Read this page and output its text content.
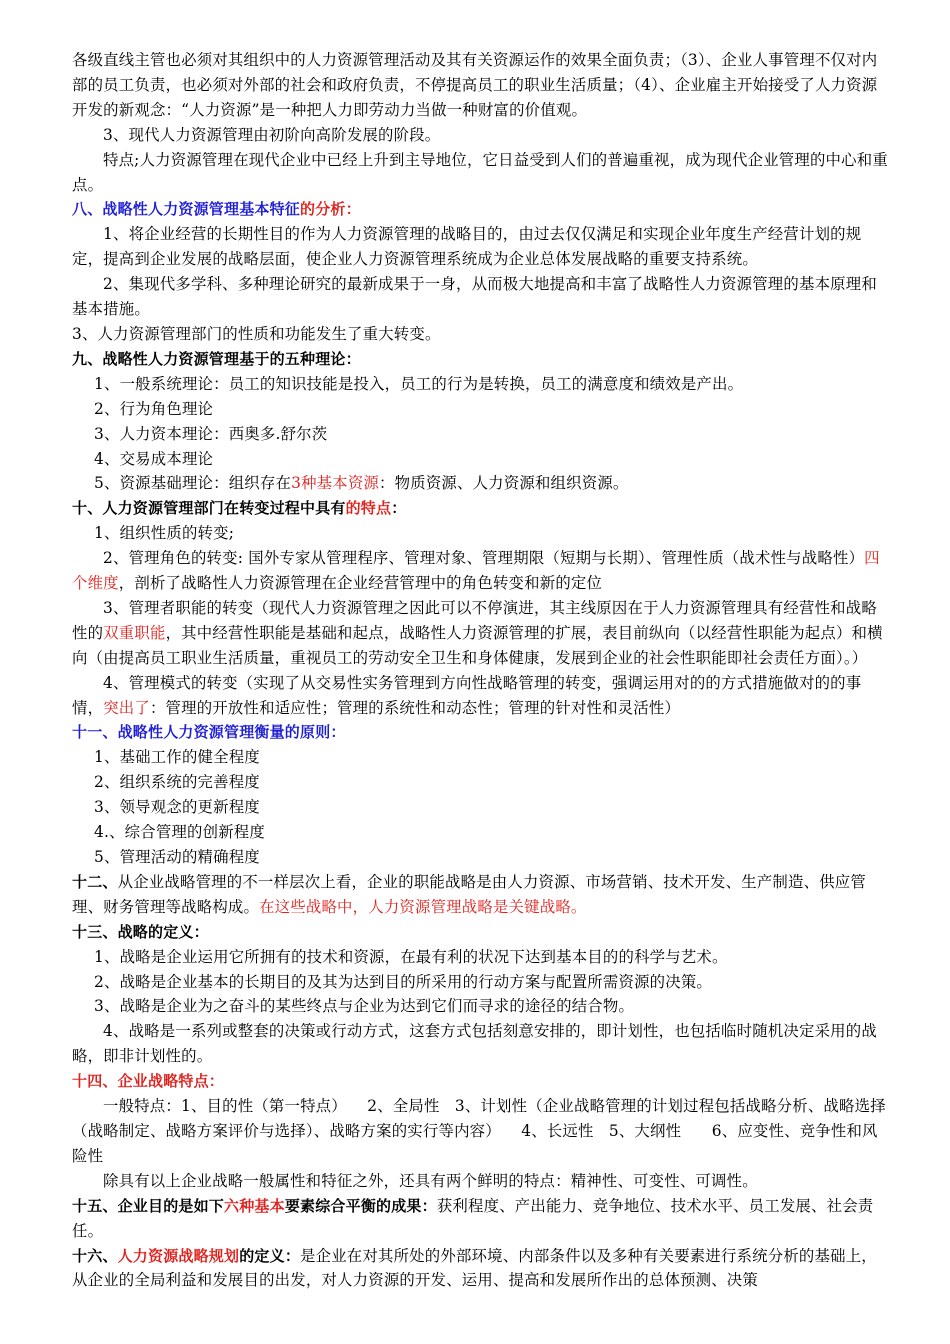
各级直线主管也必须对其组织中的人力资源管理活动及其有关资源运作的效果全面负责；（3）、企业人事管理不仅对内部的员工负责，也必须对外部的社会和政府负责，不停提高员工的职业生活质量；（4）、企业雇主开始接受了人力资源开发的新观念：“人力资源”是一种把人力即劳动力当做一种财富的价值观。

3、现代人力资源管理由初阶向高阶发展的阶段。

特点;人力资源管理在现代企业中已经上升到主导地位，它日益受到人们的普遍重视，成为现代企业管理的中心和重点。

八、战略性人力资源管理基本特征的分析：

1、将企业经营的长期性目的作为人力资源管理的战略目的，由过去仅仅满足和实现企业年度生产经营计划的规定，提高到企业发展的战略层面，使企业人力资源管理系统成为企业总体发展战略的重要支持系统。

2、集现代多学科、多种理论研究的最新成果于一身，从而极大地提高和丰富了战略性人力资源管理的基本原理和基本措施。

3、人力资源管理部门的性质和功能发生了重大转变。

九、战略性人力资源管理基于的五种理论：

1、一般系统理论：员工的知识技能是投入，员工的行为是转换，员工的满意度和绩效是产出。

2、行为角色理论

3、人力资本理论：西奥多.舒尔茨

4、交易成本理论

5、资源基础理论：组织存在3种基本资源：物质资源、人力资源和组织资源。

十、人力资源管理部门在转变过程中具有的特点：

1、组织性质的转变;

2、管理角色的转变: 国外专家从管理程序、管理对象、管理期限（短期与长期）、管理性质（战术性与战略性）四个维度，剖析了战略性人力资源管理在企业经营管理中的角色转变和新的定位

3、管理者职能的转变（现代人力资源管理之因此可以不停演进，其主线原因在于人力资源管理具有经营性和战略性的双重职能，其中经营性职能是基础和起点，战略性人力资源管理的扩展，表目前纵向（以经营性职能为起点）和横向（由提高员工职业生活质量，重视员工的劳动安全卫生和身体健康，发展到企业的社会性职能即社会责任方面）。）

4、管理模式的转变（实现了从交易性实务管理到方向性战略管理的转变，强调运用对的的方式措施做对的的事情，突出了：管理的开放性和适应性；管理的系统性和动态性；管理的针对性和灵活性）

十一、战略性人力资源管理衡量的原则：

1、基础工作的健全程度

2、组织系统的完善程度

3、领导观念的更新程度

4.、综合管理的创新程度

5、管理活动的精确程度

十二、从企业战略管理的不一样层次上看，企业的职能战略是由人力资源、市场营销、技术开发、生产制造、供应管理、财务管理等战略构成。在这些战略中，人力资源管理战略是关键战略。

十三、战略的定义：

1、战略是企业运用它所拥有的技术和资源，在最有利的状况下达到基本目的的科学与艺术。

2、战略是企业基本的长期目的及其为达到目的所采用的行动方案与配置所需资源的决策。

3、战略是企业为之奋斗的某些终点与企业为达到它们而寻求的途径的结合物。

4、战略是一系列或整套的决策或行动方式，这套方式包括刻意安排的，即计划性，也包括临时随机决定采用的战略，即非计划性的。

十四、企业战略特点：

一般特点：1、目的性（第一特点）    2、全局性   3、计划性（企业战略管理的计划过程包括战略分析、战略选择（战略制定、战略方案评价与选择）、战略方案的实行等内容）    4、长远性   5、大纲性      6、应变性、竞争性和风险性

除具有以上企业战略一般属性和特征之外，还具有两个鲜明的特点：精神性、可变性、可调性。

十五、企业目的是如下六种基本要素综合平衡的成果：获利程度、产出能力、竞争地位、技术水平、员工发展、社会责任。

十六、人力资源战略规划的定义：是企业在对其所处的外部环境、内部条件以及多种有关要素进行系统分析的基础上，从企业的全局利益和发展目的出发，对人力资源的开发、运用、提高和发展所作出的总体预测、决策
